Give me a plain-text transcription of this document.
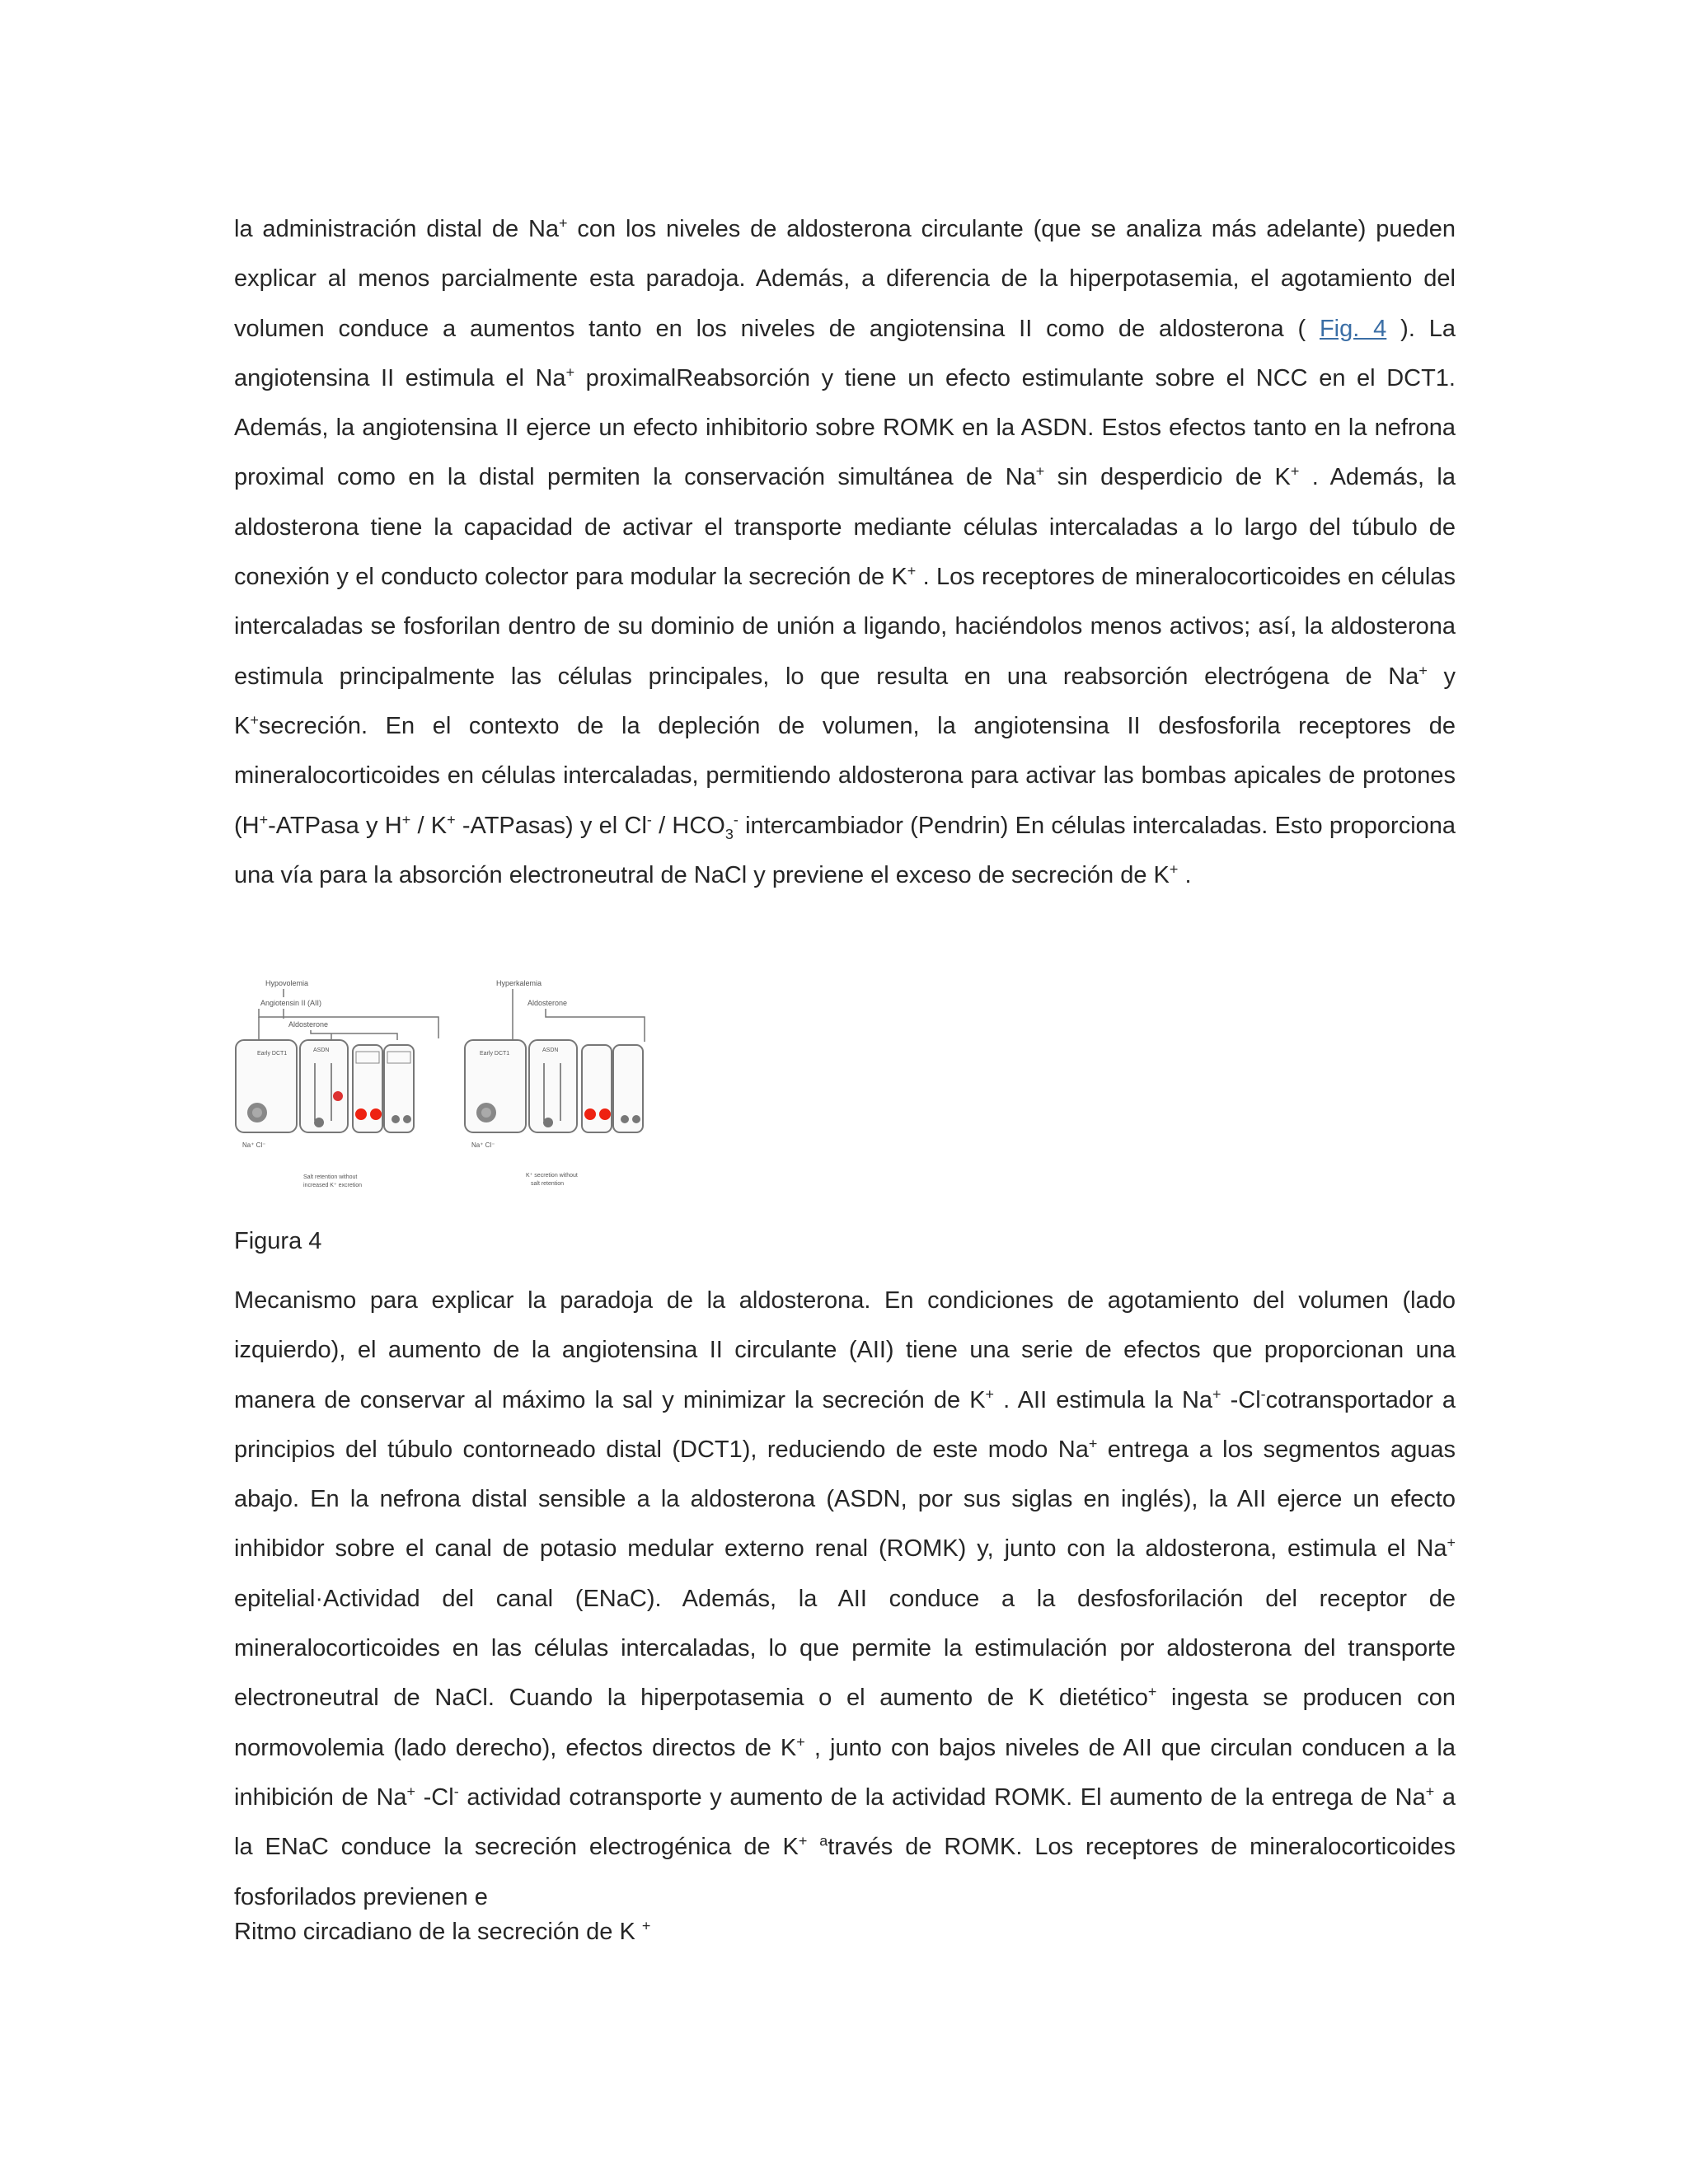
la administración distal de Na+ con los niveles de aldosterona circulante (que se analiza más adelante) pueden explicar al menos parcialmente esta paradoja. Además, a diferencia de la hiperpotasemia, el agotamiento del volumen conduce a aumentos tanto en los niveles de angiotensina II como de aldosterona ( Fig. 4 ). La angiotensina II estimula el Na+ proximalReabsorción y tiene un efecto estimulante sobre el NCC en el DCT1. Además, la angiotensina II ejerce un efecto inhibitorio sobre ROMK en la ASDN. Estos efectos tanto en la nefrona proximal como en la distal permiten la conservación simultánea de Na+ sin desperdicio de K+ . Además, la aldosterona tiene la capacidad de activar el transporte mediante células intercaladas a lo largo del túbulo de conexión y el conducto colector para modular la secreción de K+ . Los receptores de mineralocorticoides en células intercaladas se fosforilan dentro de su dominio de unión a ligando, haciéndolos menos activos; así, la aldosterona estimula principalmente las células principales, lo que resulta en una reabsorción electrógena de Na+ y K+secreción. En el contexto de la depleción de volumen, la angiotensina II desfosforila receptores de mineralocorticoides en células intercaladas, permitiendo aldosterona para activar las bombas apicales de protones (H+-ATPasa y H+ / K+ -ATPasas) y el $Cl^- / HCO_3^-$ intercambiador (Pendrin) En células intercaladas. Esto proporciona una vía para la absorción electroneutral de NaCl y previene el exceso de secreción de K+ .

Hypovolemia
Angiotensin II (AII)
Aldosterone
Early DCT1
ASDN
Na⁺ Cl⁻
Salt retention without
increased K⁺ excretion
Hyperkalemia
Aldosterone
Early DCT1
ASDN
Na⁺ Cl⁻
K⁺ secretion without
salt retention

Figura 4

Mecanismo para explicar la paradoja de la aldosterona. En condiciones de agotamiento del volumen (lado izquierdo), el aumento de la angiotensina II circulante (AII) tiene una serie de efectos que proporcionan una manera de conservar al máximo la sal y minimizar la secreción de K+ . AII estimula la Na+ -Cl-cotransportador a principios del túbulo contorneado distal (DCT1), reduciendo de este modo Na+ entrega a los segmentos aguas abajo. En la nefrona distal sensible a la aldosterona (ASDN, por sus siglas en inglés), la AII ejerce un efecto inhibidor sobre el canal de potasio medular externo renal (ROMK) y, junto con la aldosterona, estimula el Na+ epitelial·Actividad del canal (ENaC). Además, la AII conduce a la desfosforilación del receptor de mineralocorticoides en las células intercaladas, lo que permite la estimulación por aldosterona del transporte electroneutral de NaCl. Cuando la hiperpotasemia o el aumento de K dietético+ ingesta se producen con normovolemia (lado derecho), efectos directos de K+ , junto con bajos niveles de AII que circulan conducen a la inhibición de Na+ -Cl- actividad cotransporte y aumento de la actividad ROMK. El aumento de la entrega de Na+ a la ENaC conduce la secreción electrogénica de K+ $^a$través de ROMK. Los receptores de mineralocorticoides fosforilados previenen e

Ritmo circadiano de la secreción de K +
